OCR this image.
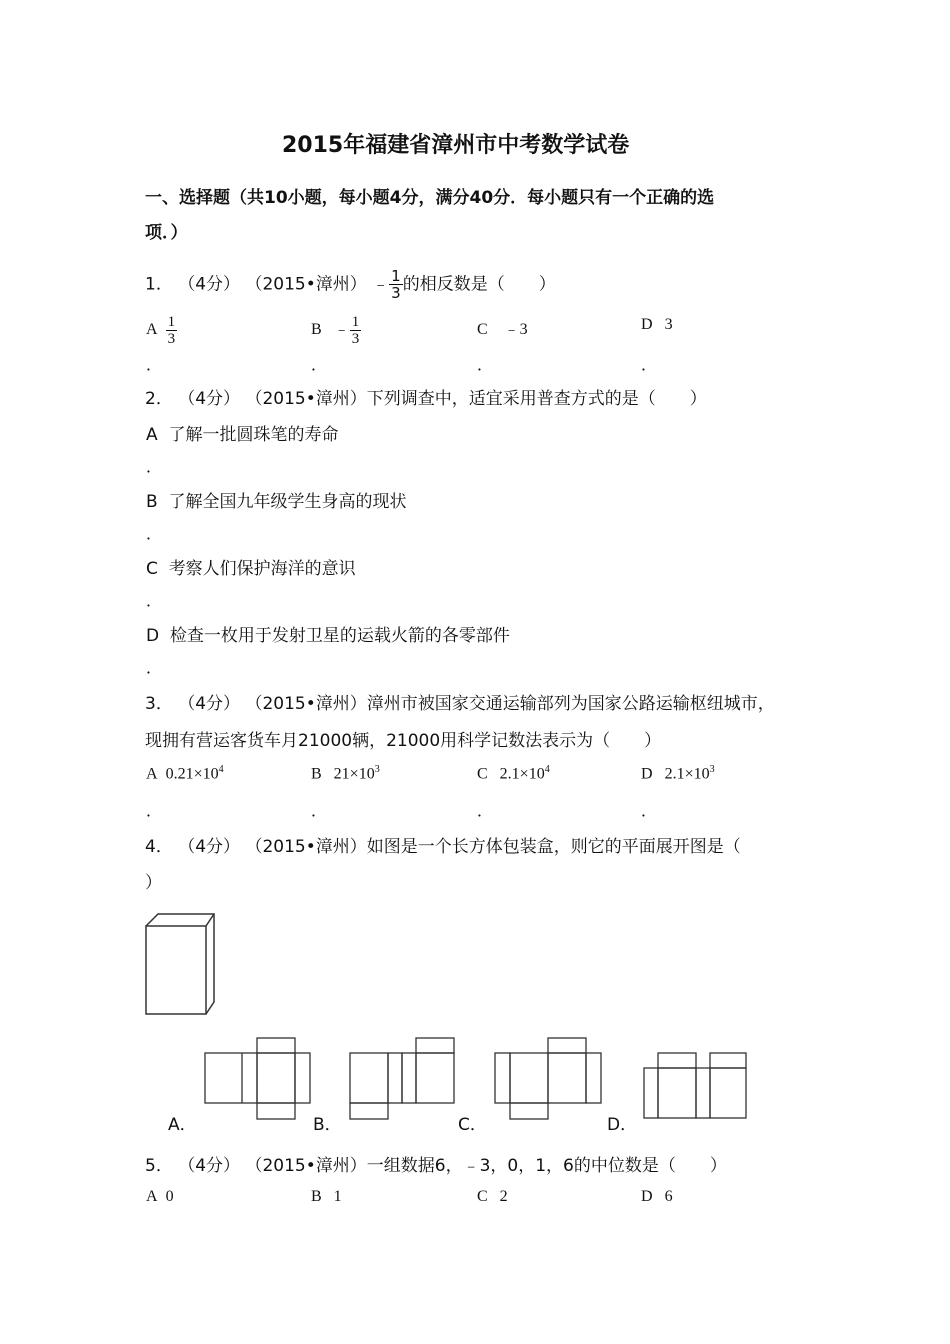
2015年福建省漳州市中考数学试卷
一、选择题（共10小题，每小题4分，满分40分．每小题只有一个正确的选
项．）
1． （4分） （2015•漳州） ﹣ $\frac{1}{3}$ 的相反数是（　　）
A $\frac{1}{3}$	B ﹣ $\frac{1}{3}$	C ﹣3	D 3
．	．	．	．
2． （4分） （2015•漳州）下列调查中，适宜采用普查方式的是（　　）
A 了解一批圆珠笔的寿命
．
B 了解全国九年级学生身高的现状
．
C 考察人们保护海洋的意识
．
D 检查一枚用于发射卫星的运载火箭的各零部件
．
3． （4分） （2015•漳州）漳州市被国家交通运输部列为国家公路运输枢纽城市，
现拥有营运客货车月21000辆，21000用科学记数法表示为（　　）
A $0.21\times 10^4$	B $21\times 10^3$	C $2.1\times 10^4$	D $2.1\times 10^3$
．	．	．	．
4． （4分） （2015•漳州）如图是一个长方体包装盒，则它的平面展开图是（
）
A．	B．	C．	D．
5． （4分） （2015•漳州）一组数据6，﹣3，0，1，6的中位数是（　　）
A 0	B 1	C 2	D 6
